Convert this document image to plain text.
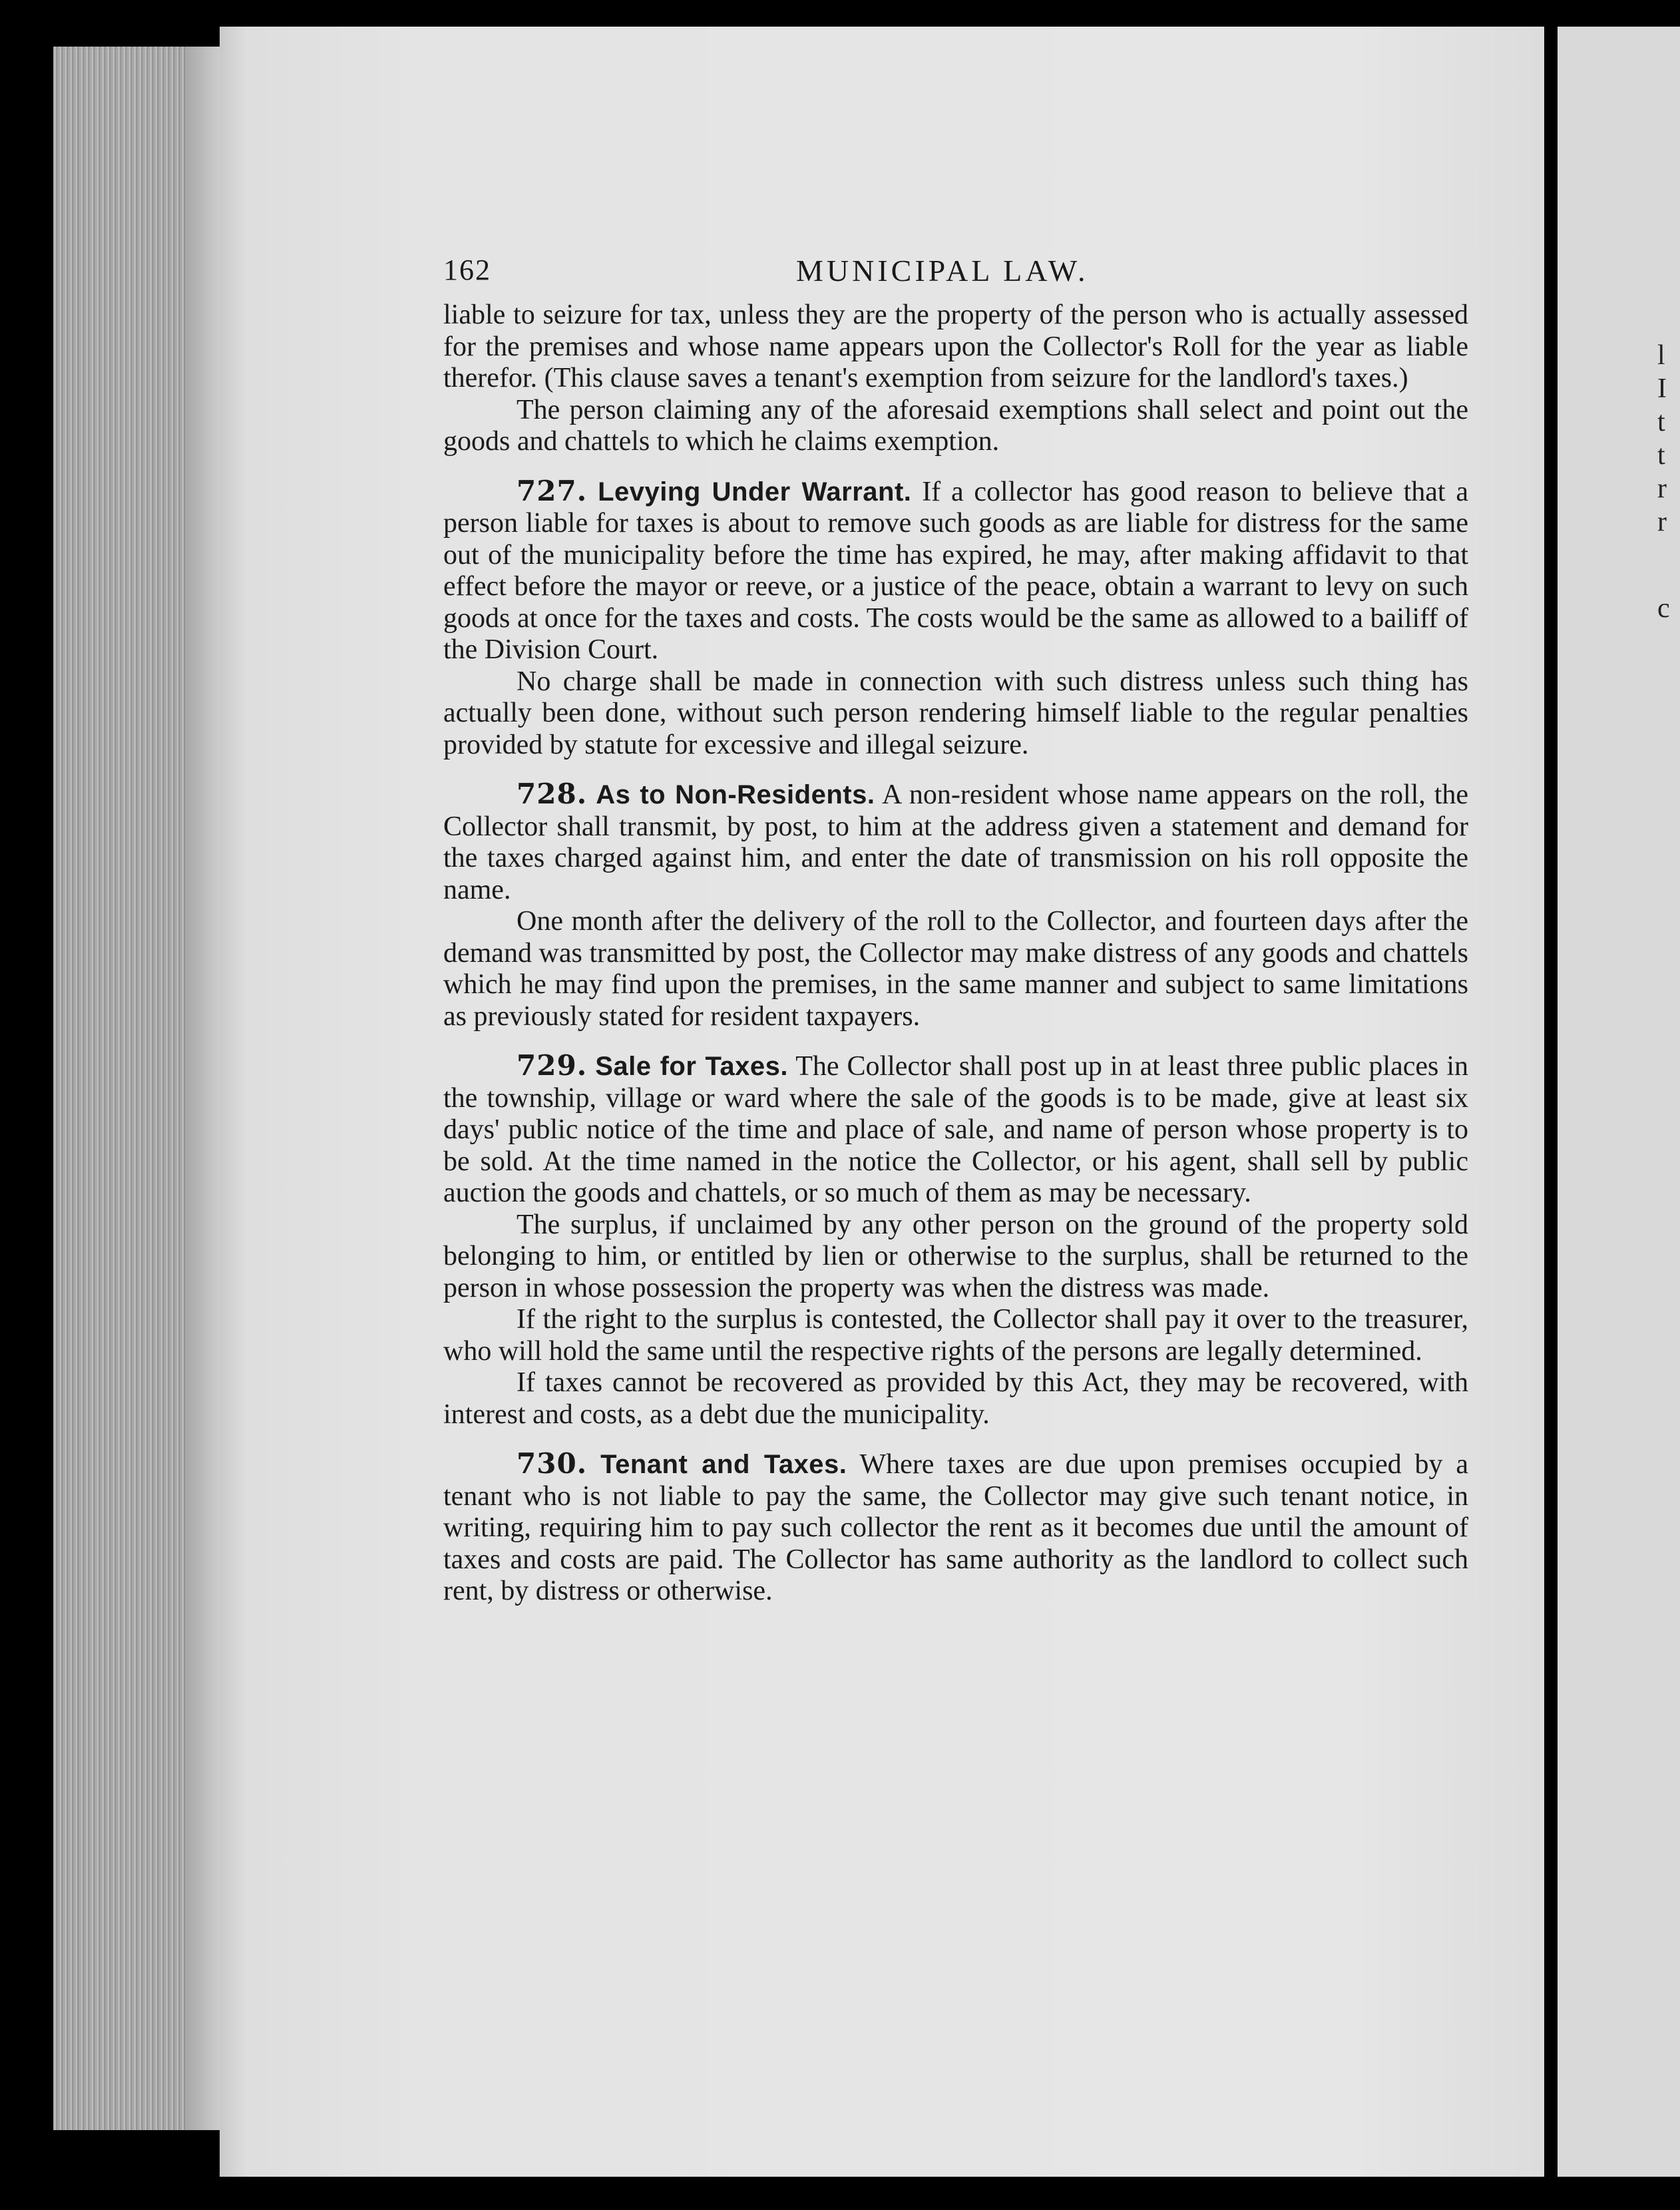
l
I
t
t
r
r
c
162	MUNICIPAL LAW.

liable to seizure for tax, unless they are the property of the person who is actually assessed for the premises and whose name appears upon the Collector's Roll for the year as liable therefor. (This clause saves a tenant's exemption from seizure for the landlord's taxes.)

The person claiming any of the aforesaid exemptions shall select and point out the goods and chattels to which he claims exemption.

727. Levying Under Warrant. If a collector has good reason to believe that a person liable for taxes is about to remove such goods as are liable for distress for the same out of the municipality before the time has expired, he may, after making affidavit to that effect before the mayor or reeve, or a justice of the peace, obtain a warrant to levy on such goods at once for the taxes and costs. The costs would be the same as allowed to a bailiff of the Division Court.

No charge shall be made in connection with such distress unless such thing has actually been done, without such person rendering himself liable to the regular penalties provided by statute for excessive and illegal seizure.

728. As to Non-Residents. A non-resident whose name appears on the roll, the Collector shall transmit, by post, to him at the address given a statement and demand for the taxes charged against him, and enter the date of transmission on his roll opposite the name.

One month after the delivery of the roll to the Collector, and fourteen days after the demand was transmitted by post, the Collector may make distress of any goods and chattels which he may find upon the premises, in the same manner and subject to same limitations as previously stated for resident taxpayers.

729. Sale for Taxes. The Collector shall post up in at least three public places in the township, village or ward where the sale of the goods is to be made, give at least six days' public notice of the time and place of sale, and name of person whose property is to be sold. At the time named in the notice the Collector, or his agent, shall sell by public auction the goods and chattels, or so much of them as may be necessary.

The surplus, if unclaimed by any other person on the ground of the property sold belonging to him, or entitled by lien or otherwise to the surplus, shall be returned to the person in whose possession the property was when the distress was made.

If the right to the surplus is contested, the Collector shall pay it over to the treasurer, who will hold the same until the respective rights of the persons are legally determined.

If taxes cannot be recovered as provided by this Act, they may be recovered, with interest and costs, as a debt due the municipality.

730. Tenant and Taxes. Where taxes are due upon premises occupied by a tenant who is not liable to pay the same, the Collector may give such tenant notice, in writing, requiring him to pay such collector the rent as it becomes due until the amount of taxes and costs are paid. The Collector has same authority as the landlord to collect such rent, by distress or otherwise.
